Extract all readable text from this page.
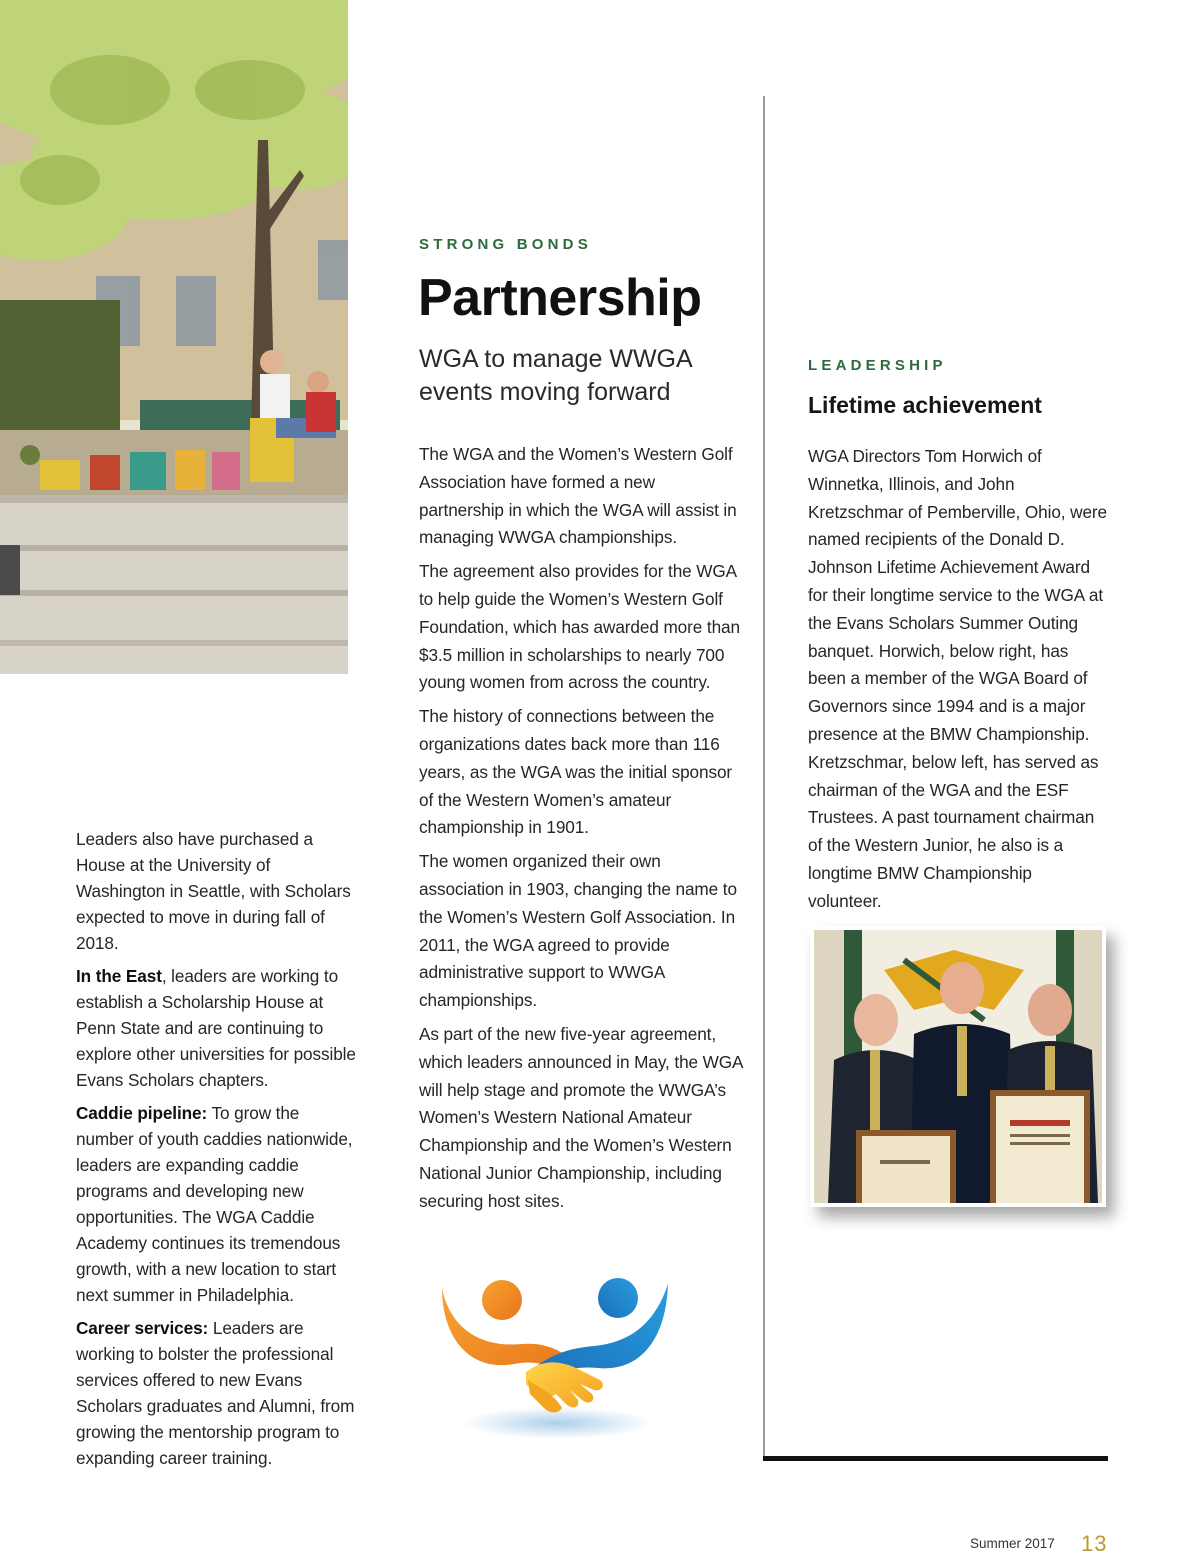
Leaders also have purchased a House at the University of Washington in Seattle, with Scholars expected to move in during fall of 2018.

In the East, leaders are working to establish a Scholarship House at Penn State and are continuing to explore other universities for possible Evans Scholars chapters.

Caddie pipeline: To grow the number of youth caddies nationwide, leaders are expanding caddie programs and developing new opportunities. The WGA Caddie Academy continues its tremendous growth, with a new location to start next summer in Philadelphia.

Career services: Leaders are working to bolster the professional services offered to new Evans Scholars graduates and Alumni, from growing the mentorship program to expanding career training.

STRONG BONDS
Partnership
WGA to manage WWGA events moving forward

The WGA and the Women’s Western Golf Association have formed a new partnership in which the WGA will assist in managing WWGA championships.

The agreement also provides for the WGA to help guide the Women’s Western Golf Foundation, which has awarded more than $3.5 million in scholarships to nearly 700 young women from across the country.

The history of connections between the organizations dates back more than 116 years, as the WGA was the initial sponsor of the Western Women’s amateur championship in 1901.

The women organized their own association in 1903, changing the name to the Women’s Western Golf Association. In 2011, the WGA agreed to provide administrative support to WWGA championships.

As part of the new five-year agreement, which leaders announced in May, the WGA will help stage and promote the WWGA’s Women’s Western National Amateur Championship and the Women’s Western National Junior Championship, including securing host sites.

LEADERSHIP
Lifetime achievement

WGA Directors Tom Horwich of Winnetka, Illinois, and John Kretzschmar of Pemberville, Ohio, were named recipients of the Donald D. Johnson Lifetime Achievement Award for their longtime service to the WGA at the Evans Scholars Summer Outing banquet. Horwich, below right, has been a member of the WGA Board of Governors since 1994 and is a major presence at the BMW Championship. Kretzschmar, below left, has served as chairman of the WGA and the ESF Trustees. A past tournament chairman of the Western Junior, he also is a longtime BMW Championship volunteer.

Summer 2017 13
